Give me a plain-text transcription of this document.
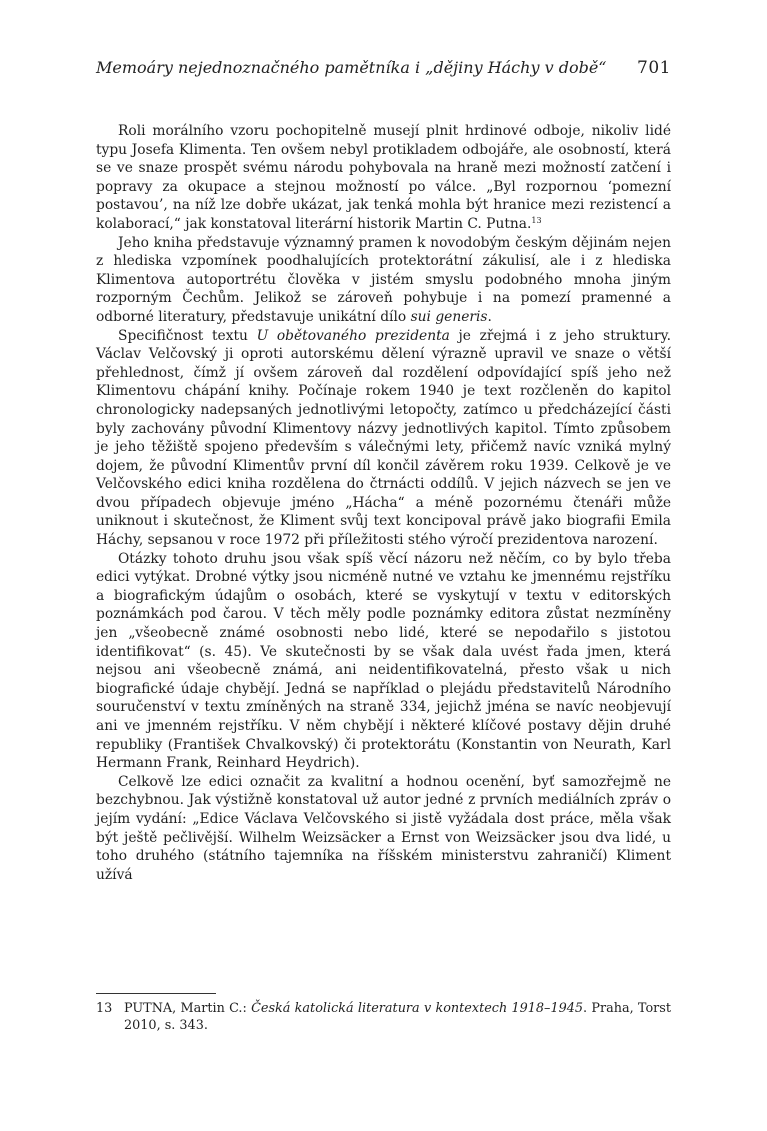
Memoáry nejednoznačného pamětníka i „dějiny Háchy v době“ 701

Roli morálního vzoru pochopitelně musejí plnit hrdinové odboje, nikoliv lidé typu Josefa Klimenta. Ten ovšem nebyl protikladem odbojáře, ale osobností, která se ve snaze prospět svému národu pohybovala na hraně mezi možností zatčení i popravy za okupace a stejnou možností po válce. „Byl rozpornou ‘pomezní postavou’, na níž lze dobře ukázat, jak tenká mohla být hranice mezi rezistencí a kolaborací,“ jak konstatoval literární historik Martin C. Putna.$^{13}$

Jeho kniha představuje významný pramen k novodobým českým dějinám nejen z hlediska vzpomínek poodhalujících protektorátní zákulisí, ale i z hlediska Klimentova autoportrétu člověka v jistém smyslu podobného mnoha jiným rozporným Čechům. Jelikož se zároveň pohybuje i na pomezí pramenné a odborné literatury, představuje unikátní dílo sui generis.

Specifičnost textu U obětovaného prezidenta je zřejmá i z jeho struktury. Václav Velčovský ji oproti autorskému dělení výrazně upravil ve snaze o větší přehlednost, čímž jí ovšem zároveň dal rozdělení odpovídající spíš jeho než Klimentovu chápání knihy. Počínaje rokem 1940 je text rozčleněn do kapitol chronologicky nadepsaných jednotlivými letopočty, zatímco u předcházející části byly zachovány původní Klimentovy názvy jednotlivých kapitol. Tímto způsobem je jeho těžiště spojeno především s válečnými lety, přičemž navíc vzniká mylný dojem, že původní Klimentův první díl končil závěrem roku 1939. Celkově je ve Velčovského edici kniha rozdělena do čtrnácti oddílů. V jejich názvech se jen ve dvou případech objevuje jméno „Hácha“ a méně pozornému čtenáři může uniknout i skutečnost, že Kliment svůj text koncipoval právě jako biografii Emila Háchy, sepsanou v roce 1972 při příležitosti stého výročí prezidentova narození.

Otázky tohoto druhu jsou však spíš věcí názoru než něčím, co by bylo třeba edici vytýkat. Drobné výtky jsou nicméně nutné ve vztahu ke jmennému rejstříku a biografickým údajům o osobách, které se vyskytují v textu v editorských poznámkách pod čarou. V těch měly podle poznámky editora zůstat nezmíněny jen „všeobecně známé osobnosti nebo lidé, které se nepodařilo s jistotou identifikovat“ (s. 45). Ve skutečnosti by se však dala uvést řada jmen, která nejsou ani všeobecně známá, ani neidentifikovatelná, přesto však u nich biografické údaje chybějí. Jedná se například o plejádu představitelů Národního souručenství v textu zmíněných na straně 334, jejichž jména se navíc neobjevují ani ve jmenném rejstříku. V něm chybějí i některé klíčové postavy dějin druhé republiky (František Chvalkovský) či protektorátu (Konstantin von Neurath, Karl Hermann Frank, Reinhard Heydrich).

Celkově lze edici označit za kvalitní a hodnou ocenění, byť samozřejmě ne bezchybnou. Jak výstižně konstatoval už autor jedné z prvních mediálních zpráv o jejím vydání: „Edice Václava Velčovského si jistě vyžádala dost práce, měla však být ještě pečlivější. Wilhelm Weizsäcker a Ernst von Weizsäcker jsou dva lidé, u toho druhého (státního tajemníka na říšském ministerstvu zahraničí) Kliment užívá

13 PUTNA, Martin C.: Česká katolická literatura v kontextech 1918–1945. Praha, Torst 2010, s. 343.
